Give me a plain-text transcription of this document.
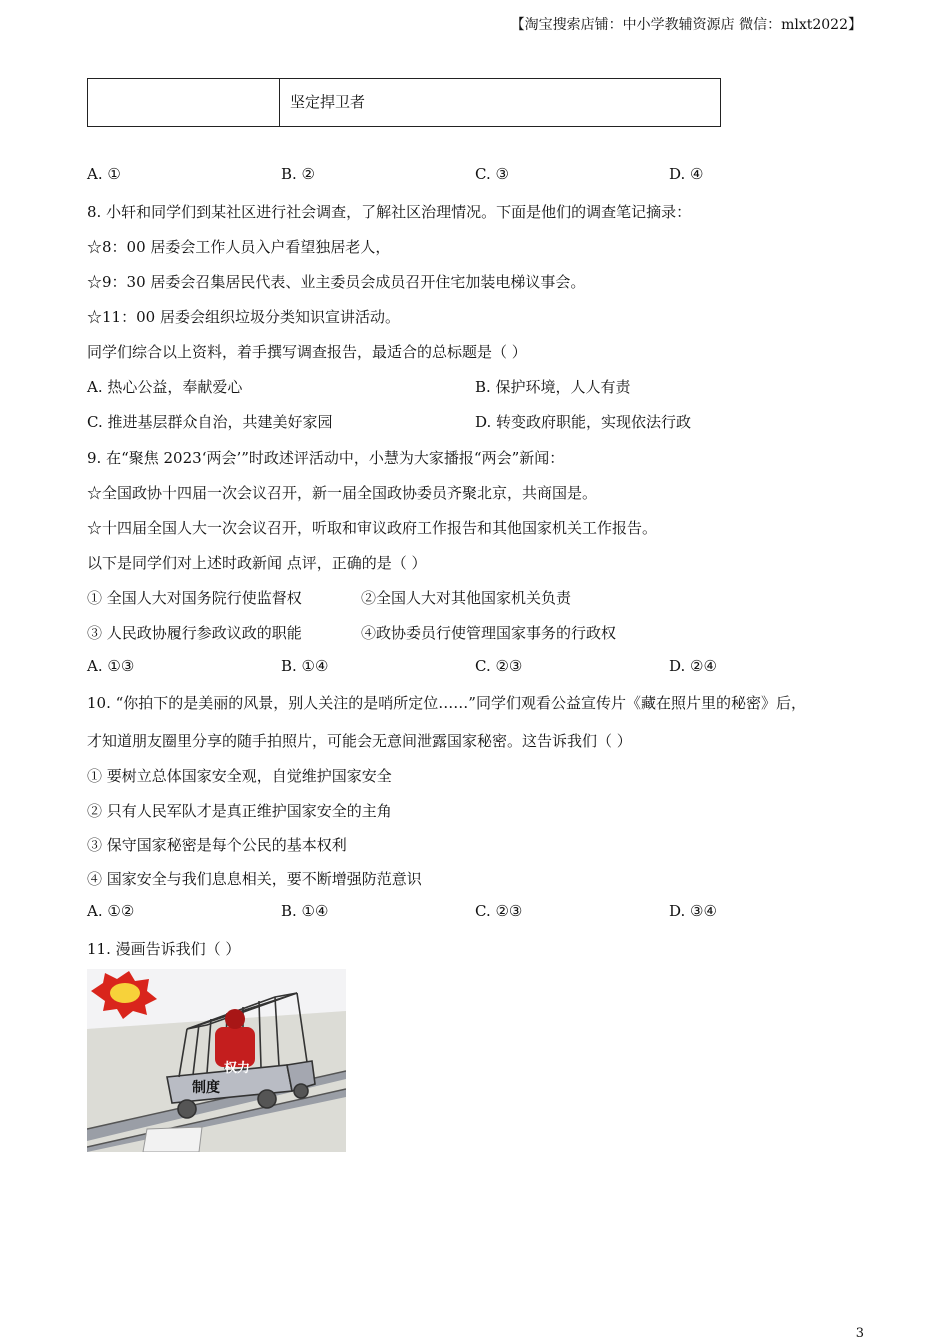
【淘宝搜索店铺：中小学教辅资源店 微信：mlxt2022】
	坚定捍卫者
A. ①	B. ②	C. ③	D. ④
8. 小轩和同学们到某社区进行社会调查，了解社区治理情况。下面是他们的调查笔记摘录：
☆8：00 居委会工作人员入户看望独居老人，
☆9：30 居委会召集居民代表、业主委员会成员召开住宅加装电梯议事会。
☆11：00 居委会组织垃圾分类知识宣讲活动。
同学们综合以上资料，着手撰写调查报告，最适合的总标题是（ ）
A. 热心公益，奉献爱心	B. 保护环境，人人有责
C. 推进基层群众自治，共建美好家园	D. 转变政府职能，实现依法行政
9. 在“聚焦 2023‘两会’”时政述评活动中，小慧为大家播报“两会”新闻：
☆全国政协十四届一次会议召开，新一届全国政协委员齐聚北京，共商国是。
☆十四届全国人大一次会议召开，听取和审议政府工作报告和其他国家机关工作报告。
以下是同学们对上述时政新闻 点评，正确的是（ ）
① 全国人大对国务院行使监督权	②全国人大对其他国家机关负责
③ 人民政协履行参政议政的职能	④政协委员行使管理国家事务的行政权
A. ①③	B. ①④	C. ②③	D. ②④
10. “你拍下的是美丽的风景，别人关注的是哨所定位……”同学们观看公益宣传片《藏在照片里的秘密》后，
才知道朋友圈里分享的随手拍照片，可能会无意间泄露国家秘密。这告诉我们（ ）
① 要树立总体国家安全观，自觉维护国家安全
② 只有人民军队才是真正维护国家安全的主角
③ 保守国家秘密是每个公民的基本权利
④ 国家安全与我们息息相关，要不断增强防范意识
A. ①②	B. ①④	C. ②③	D. ③④
11. 漫画告诉我们（ ）
权力
制度
3
